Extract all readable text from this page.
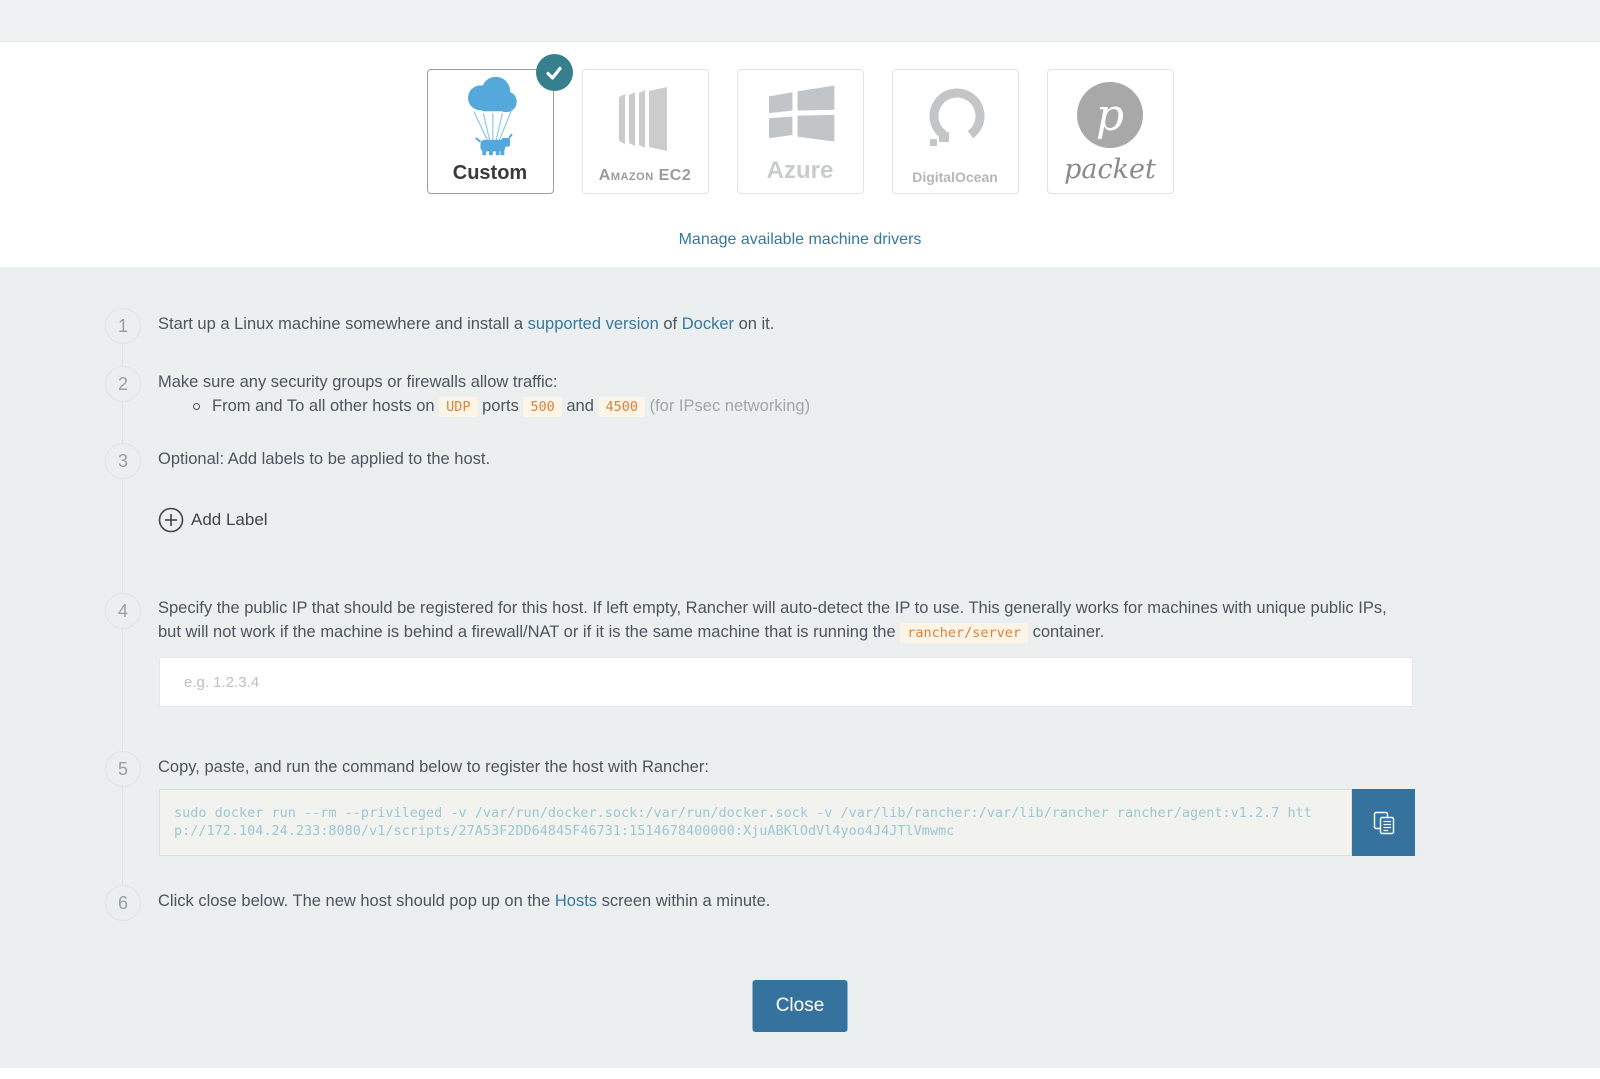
Custom	Amazon EC2	Azure	DigitalOcean
p
packet
Manage available machine drivers
1	Start up a Linux machine somewhere and install a supported version of Docker on it.
2	Make sure any security groups or firewalls allow traffic:
From and To all other hosts on UDP ports 500 and 4500 (for IPsec networking)
3	Optional: Add labels to be applied to the host.
Add Label
4	Specify the public IP that should be registered for this host. If left empty, Rancher will auto-detect the IP to use. This generally works for machines with unique public IPs, but will not work if the machine is behind a firewall/NAT or if it is the same machine that is running the rancher/server container.
e.g. 1.2.3.4
5	Copy, paste, and run the command below to register the host with Rancher:
sudo docker run --rm --privileged -v /var/run/docker.sock:/var/run/docker.sock -v /var/lib/rancher:/var/lib/rancher rancher/agent:v1.2.7 http://172.104.24.233:8080/v1/scripts/27A53F2DD64845F46731:1514678400000:XjuABKlOdVl4yoo4J4JTlVmwmc
6	Click close below. The new host should pop up on the Hosts screen within a minute.
Close
